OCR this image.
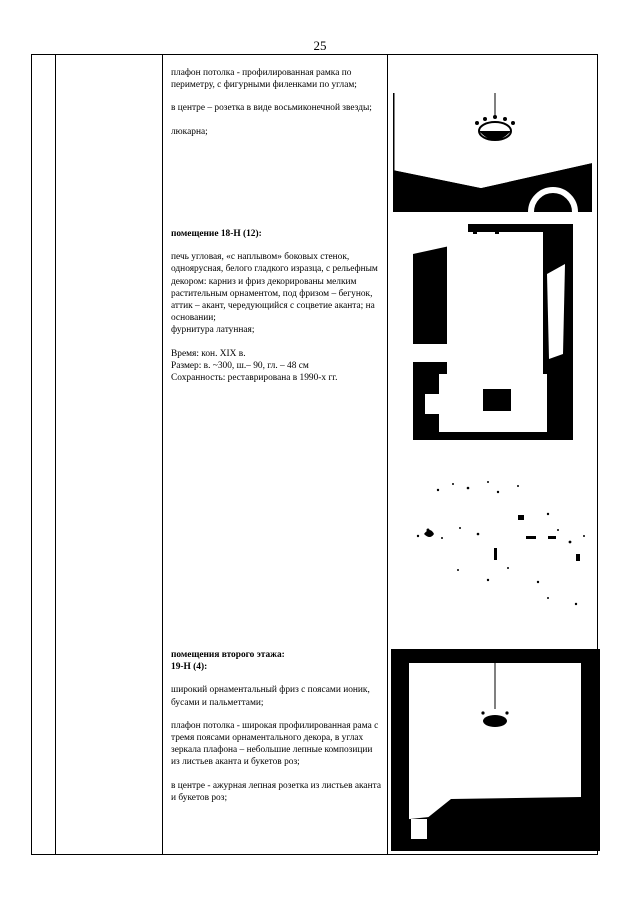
25

плафон потолка - профилированная рамка по периметру, с фигурными филенками по углам;

в центре – розетка в виде восьмиконечной звезды;

люкарна;

помещение 18-Н (12):

печь угловая, «с наплывом» боковых стенок, одноярусная, белого гладкого изразца, с рельефным декором: карниз и фриз декорированы мелким растительным орнаментом, под фризом – бегунок, аттик – акант, чередующийся с соцветие аканта; на основании;

фурнитура латунная;

Время: кон. XIX в.
Размер: в. ~300, ш.– 90, гл. – 48 см
Сохранность: реставрирована в 1990-х гг.
помещения второго этажа:

19-Н (4):

широкий орнаментальный фриз с поясами ионик, бусами и пальметтами;

плафон потолка - широкая профилированная рама с тремя поясами орнаментального декора, в углах зеркала плафона – небольшие лепные композиции из листьев аканта и букетов роз;

в центре - ажурная лепная розетка из листьев аканта и букетов роз;
